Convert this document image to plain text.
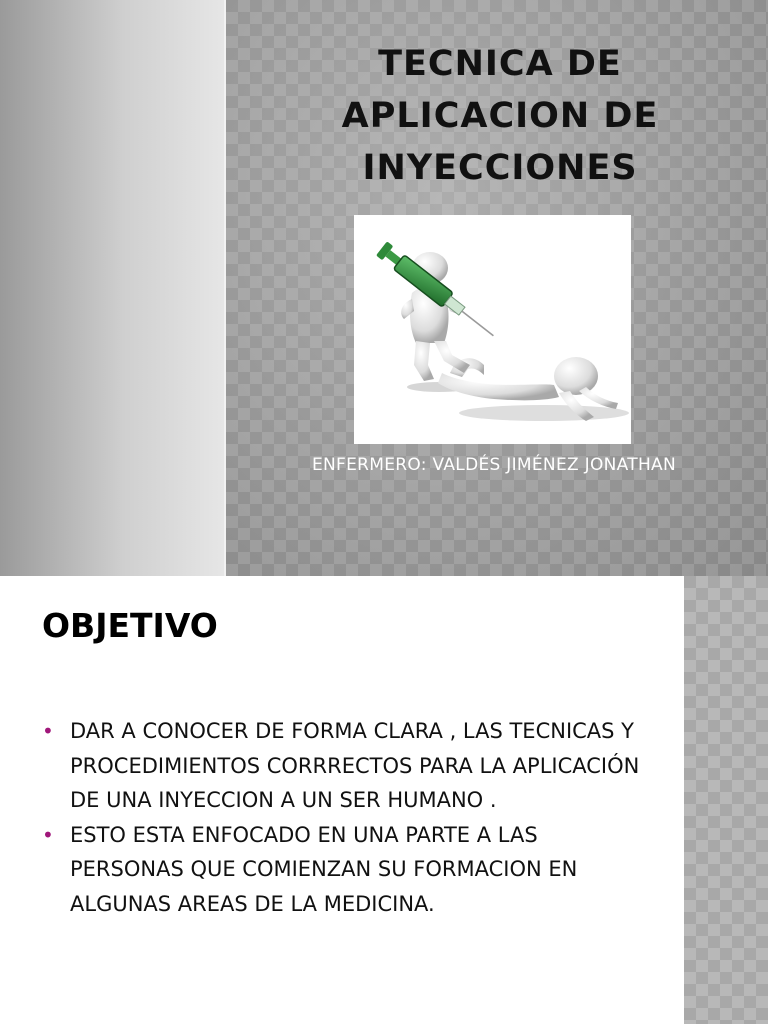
TECNICA DE
APLICACION DE
INYECCIONES
ENFERMERO: VALDÉS JIMÉNEZ JONATHAN
OBJETIVO
• DAR A CONOCER DE FORMA CLARA , LAS TECNICAS Y PROCEDIMIENTOS CORRRECTOS PARA LA APLICACIÓN DE UNA INYECCION A UN SER HUMANO .
• ESTO ESTA ENFOCADO EN UNA PARTE A LAS PERSONAS QUE COMIENZAN SU FORMACION EN ALGUNAS AREAS DE LA MEDICINA.
